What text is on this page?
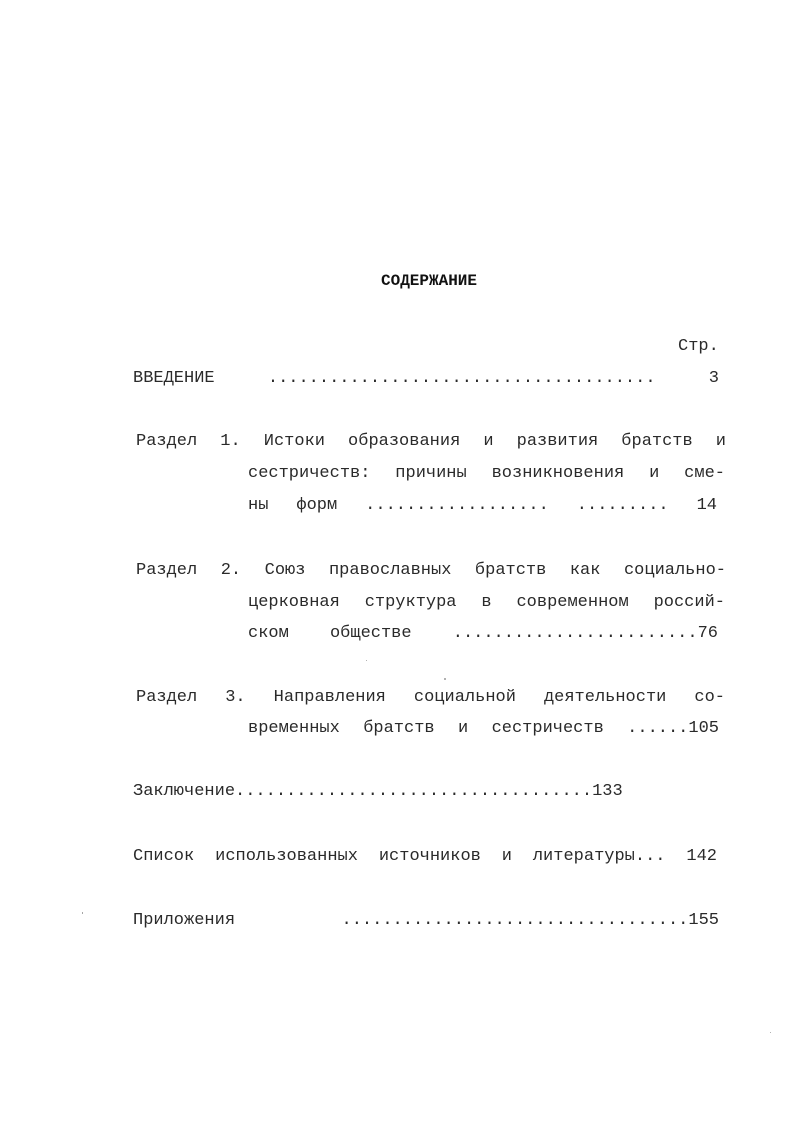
СОДЕРЖАНИЕ
Стр.
ВВЕДЕНИЕ ...................................... 3
Раздел 1. Истоки образования и развития братств и
сестричеств: причины возникновения и сме-
ны форм .................. ......... 14
Раздел 2. Союз православных братств как социально-
церковная структура в современном россий-
ском обществе ........................76
Раздел 3. Направления социальной деятельности со-
временных братств и сестричеств ......105
Заключение...................................133
Список использованных источников и литературы... 142
Приложения ..................................155
